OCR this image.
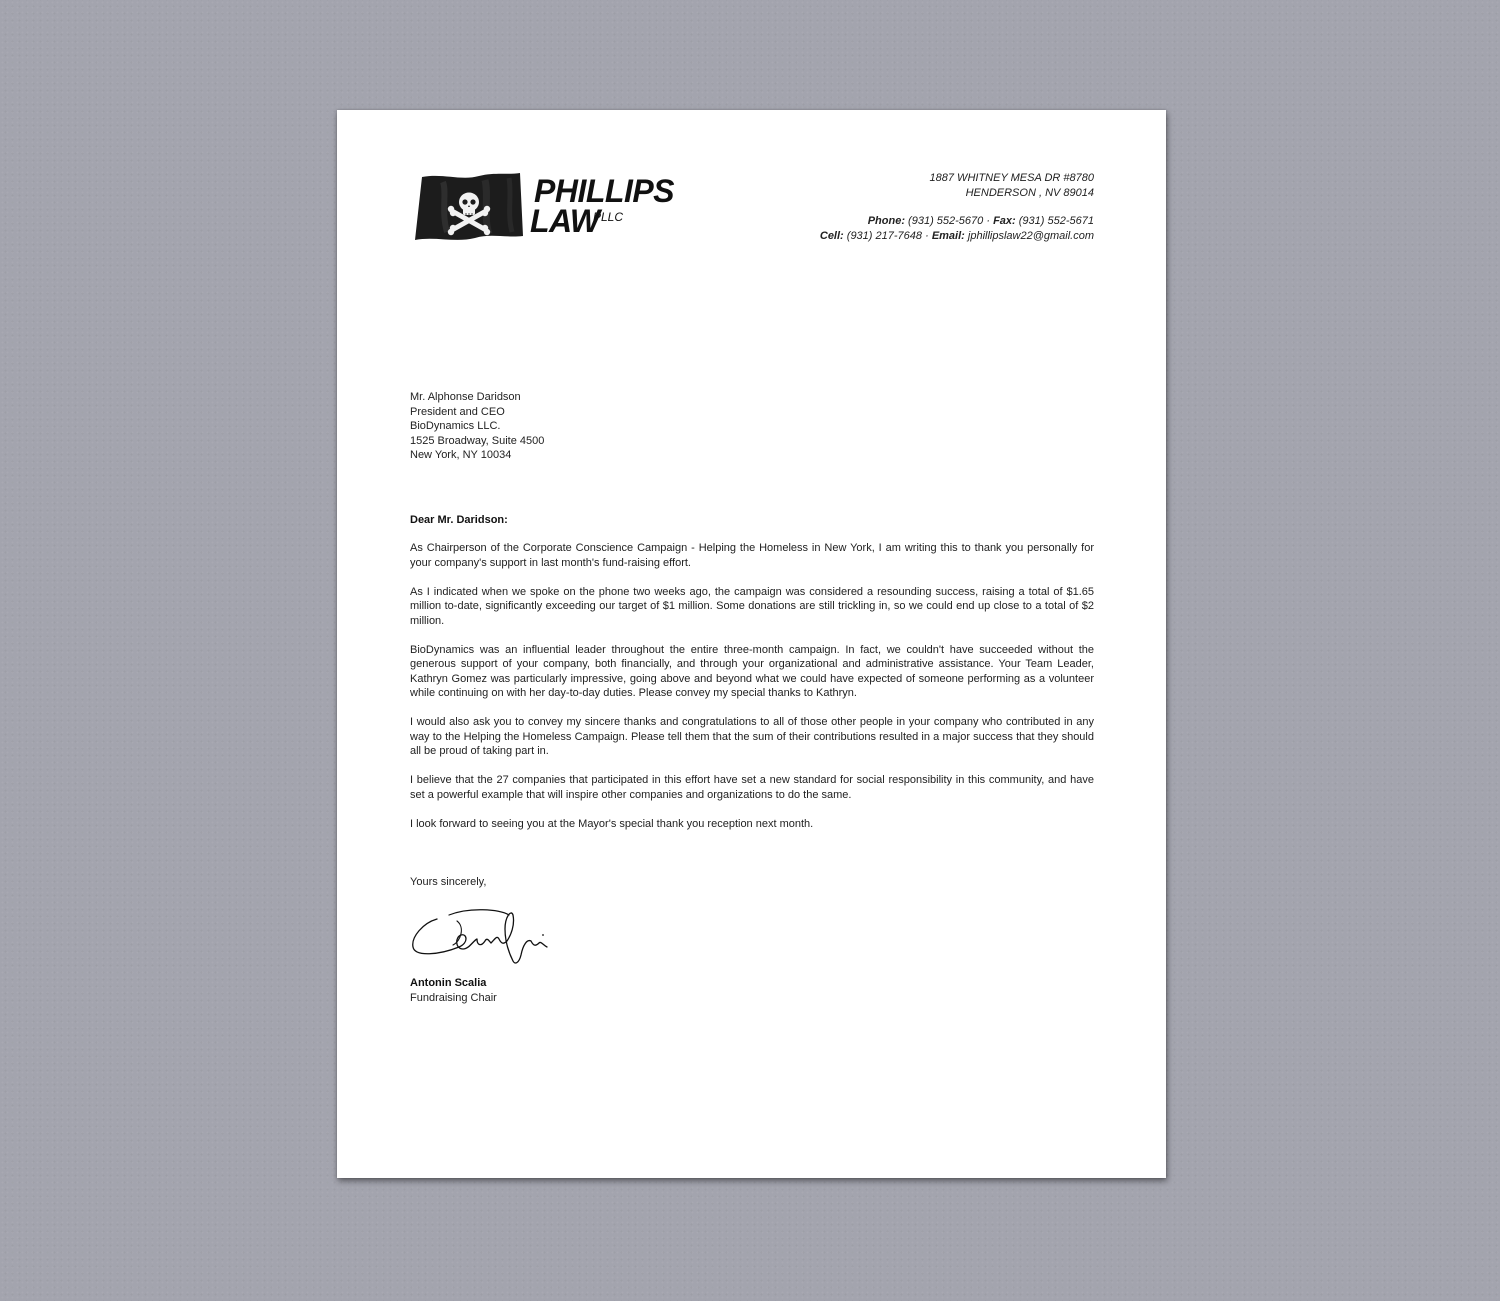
PHILLIPS
LAW
PLLC
1887 WHITNEY MESA DR #8780
HENDERSON , NV 89014
Phone: (931) 552-5670 · Fax: (931) 552-5671
Cell: (931) 217-7648 · Email: jphillipslaw22@gmail.com
Mr. Alphonse Daridson
President and CEO
BioDynamics LLC.
1525 Broadway, Suite 4500
New York, NY 10034
Dear Mr. Daridson:

As Chairperson of the Corporate Conscience Campaign - Helping the Homeless in New York, I am writing this to thank you personally for your company's support in last month's fund-raising effort.

As I indicated when we spoke on the phone two weeks ago, the campaign was considered a resounding success, raising a total of $1.65 million to-date, significantly exceeding our target of $1 million. Some donations are still trickling in, so we could end up close to a total of $2 million.

BioDynamics was an influential leader throughout the entire three-month campaign. In fact, we couldn't have succeeded without the generous support of your company, both financially, and through your organizational and administrative assistance. Your Team Leader, Kathryn Gomez was particularly impressive, going above and beyond what we could have expected of someone performing as a volunteer while continuing on with her day-to-day duties. Please convey my special thanks to Kathryn.

I would also ask you to convey my sincere thanks and congratulations to all of those other people in your company who contributed in any way to the Helping the Homeless Campaign. Please tell them that the sum of their contributions resulted in a major success that they should all be proud of taking part in.

I believe that the 27 companies that participated in this effort have set a new standard for social responsibility in this community, and have set a powerful example that will inspire other companies and organizations to do the same.

I look forward to seeing you at the Mayor's special thank you reception next month.

Yours sincerely,
Antonin Scalia
Fundraising Chair
